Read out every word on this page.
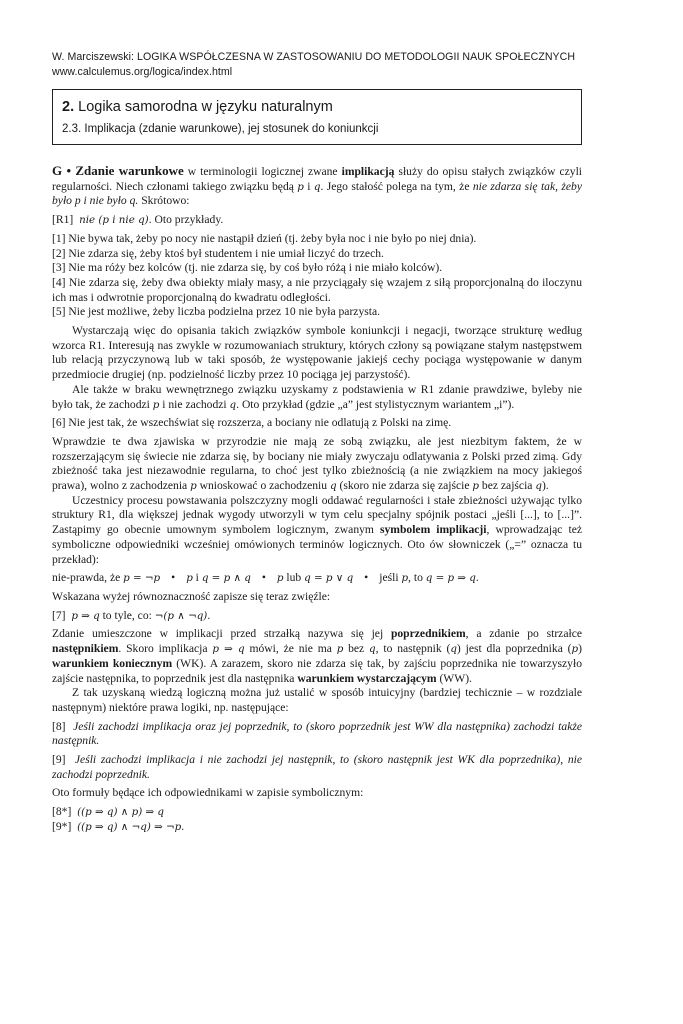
W. Marciszewski: LOGIKA WSPÓŁCZESNA W ZASTOSOWANIU DO METODOLOGII NAUK SPOŁECZNYCH
www.calculemus.org/logica/index.html
2. Logika samorodna w języku naturalnym
2.3. Implikacja (zdanie warunkowe), jej stosunek do koniunkcji

G • Zdanie warunkowe w terminologii logicznej zwane implikacją służy do opisu stałych związków czyli regularności. Niech członami takiego związku będą p i q. Jego stałość polega na tym, że nie zdarza się tak, żeby było p i nie było q. Skrótowo:

[R1] nie (p i nie q). Oto przykłady.

[1] Nie bywa tak, żeby po nocy nie nastąpił dzień (tj. żeby była noc i nie było po niej dnia).

[2] Nie zdarza się, żeby ktoś był studentem i nie umiał liczyć do trzech.

[3] Nie ma róży bez kolców (tj. nie zdarza się, by coś było różą i nie miało kolców).

[4] Nie zdarza się, żeby dwa obiekty miały masy, a nie przyciągały się wzajem z siłą proporcjonalną do iloczynu ich mas i odwrotnie proporcjonalną do kwadratu odległości.

[5] Nie jest możliwe, żeby liczba podzielna przez 10 nie była parzysta.

Wystarczają więc do opisania takich związków symbole koniunkcji i negacji, tworzące strukturę według wzorca R1. Interesują nas zwykle w rozumowaniach struktury, których człony są powiązane stałym następstwem lub relacją przyczynową lub w taki sposób, że występowanie jakiejś cechy pociąga występowanie w danym przedmiocie drugiej (np. podzielność liczby przez 10 pociąga jej parzystość).

Ale także w braku wewnętrznego związku uzyskamy z podstawienia w R1 zdanie prawdziwe, byleby nie było tak, że zachodzi p i nie zachodzi q. Oto przykład (gdzie „a” jest stylistycznym wariantem „i”).

[6] Nie jest tak, że wszechświat się rozszerza, a bociany nie odlatują z Polski na zimę.

Wprawdzie te dwa zjawiska w przyrodzie nie mają ze sobą związku, ale jest niezbitym faktem, że w rozszerzającym się świecie nie zdarza się, by bociany nie miały zwyczaju odlatywania z Polski przed zimą. Gdy zbieżność taka jest niezawodnie regularna, to choć jest tylko zbieżnością (a nie związkiem na mocy jakiegoś prawa), wolno z zachodzenia p wnioskować o zachodzeniu q (skoro nie zdarza się zajście p bez zajścia q).

Uczestnicy procesu powstawania polszczyzny mogli oddawać regularności i stałe zbieżności używając tylko struktury R1, dla większej jednak wygody utworzyli w tym celu specjalny spójnik postaci „jeśli [...], to [...]”. Zastąpimy go obecnie umownym symbolem logicznym, zwanym symbolem implikacji, wprowadzając też symboliczne odpowiedniki wcześniej omówionych terminów logicznych. Oto ów słowniczek („=” oznacza tu przekład):

nie-prawda, że p = ¬p • p i q = p ∧ q • p lub q = p ∨ q • jeśli p, to q = p ⇒ q.

Wskazana wyżej równoznaczność zapisze się teraz zwięźle:

[7] p ⇒ q to tyle, co: ¬(p ∧ ¬q).

Zdanie umieszczone w implikacji przed strzałką nazywa się jej poprzednikiem, a zdanie po strzałce następnikiem. Skoro implikacja p ⇒ q mówi, że nie ma p bez q, to następnik (q) jest dla poprzednika (p) warunkiem koniecznym (WK). A zarazem, skoro nie zdarza się tak, by zajściu poprzednika nie towarzyszyło zajście następnika, to poprzednik jest dla następnika warunkiem wystarczającym (WW).

Z tak uzyskaną wiedzą logiczną można już ustalić w sposób intuicyjny (bardziej techicznie – w rozdziale następnym) niektóre prawa logiki, np. następujące:

[8] Jeśli zachodzi implikacja oraz jej poprzednik, to (skoro poprzednik jest WW dla następnika) zachodzi także następnik.

[9] Jeśli zachodzi implikacja i nie zachodzi jej następnik, to (skoro następnik jest WK dla poprzednika), nie zachodzi poprzednik.

Oto formuły będące ich odpowiednikami w zapisie symbolicznym:

[8*] ((p ⇒ q) ∧ p) ⇒ q

[9*] ((p ⇒ q) ∧ ¬q) ⇒ ¬p.
